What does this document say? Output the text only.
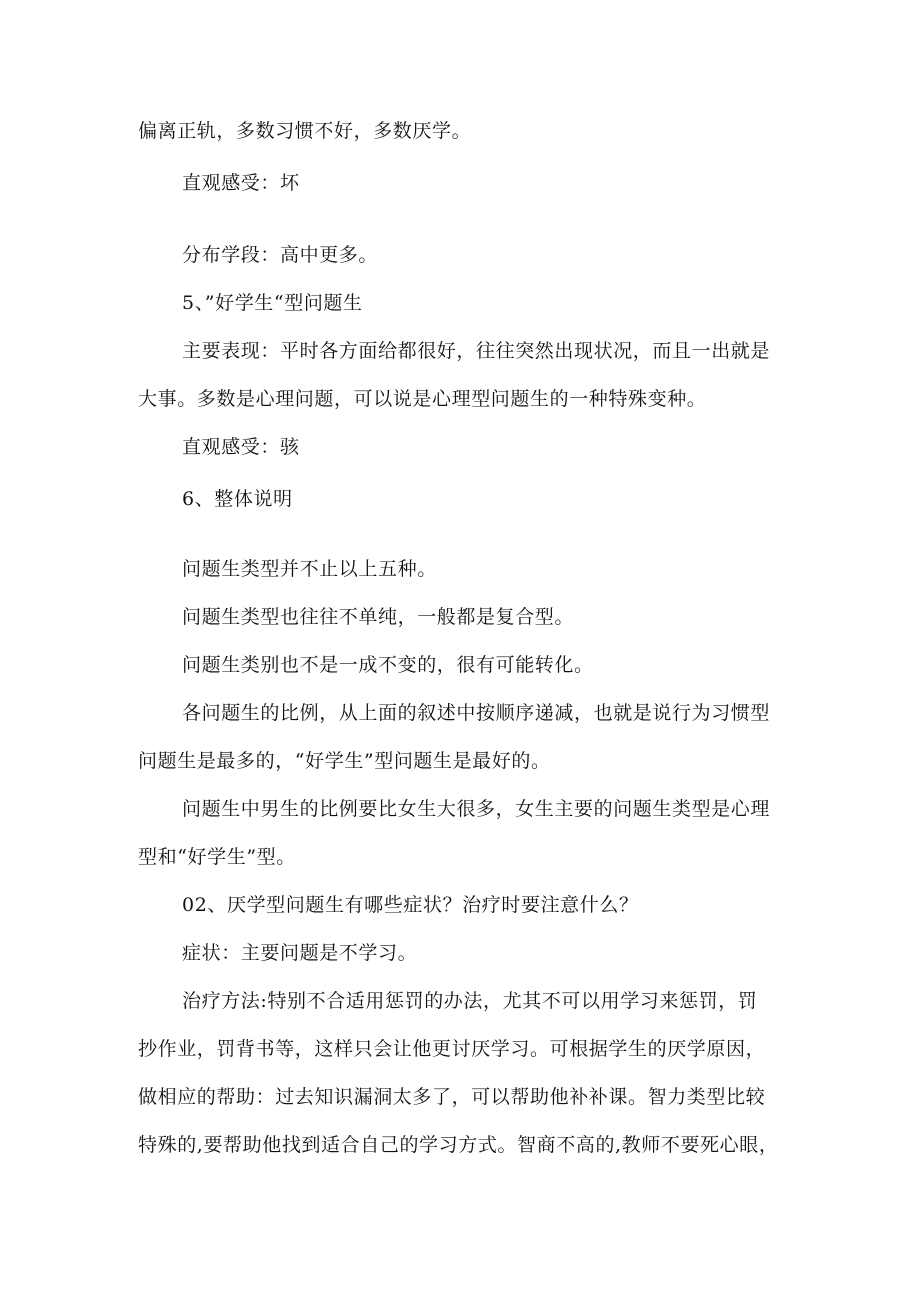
偏离正轨，多数习惯不好，多数厌学。
直观感受：坏
分布学段：高中更多。
5、”好学生“型问题生
主要表现：平时各方面给都很好，往往突然出现状况，而且一出就是
大事。多数是心理问题，可以说是心理型问题生的一种特殊变种。
直观感受：骇
6、整体说明
问题生类型并不止以上五种。
问题生类型也往往不单纯，一般都是复合型。
问题生类别也不是一成不变的，很有可能转化。
各问题生的比例，从上面的叙述中按顺序递减，也就是说行为习惯型
问题生是最多的，“好学生”型问题生是最好的。
问题生中男生的比例要比女生大很多，女生主要的问题生类型是心理
型和“好学生”型。
02、厌学型问题生有哪些症状？治疗时要注意什么？
症状：主要问题是不学习。
治疗方法:特别不合适用惩罚的办法，尤其不可以用学习来惩罚，罚
抄作业，罚背书等，这样只会让他更讨厌学习。可根据学生的厌学原因，
做相应的帮助：过去知识漏洞太多了，可以帮助他补补课。智力类型比较
特殊的,要帮助他找到适合自己的学习方式。智商不高的,教师不要死心眼，
